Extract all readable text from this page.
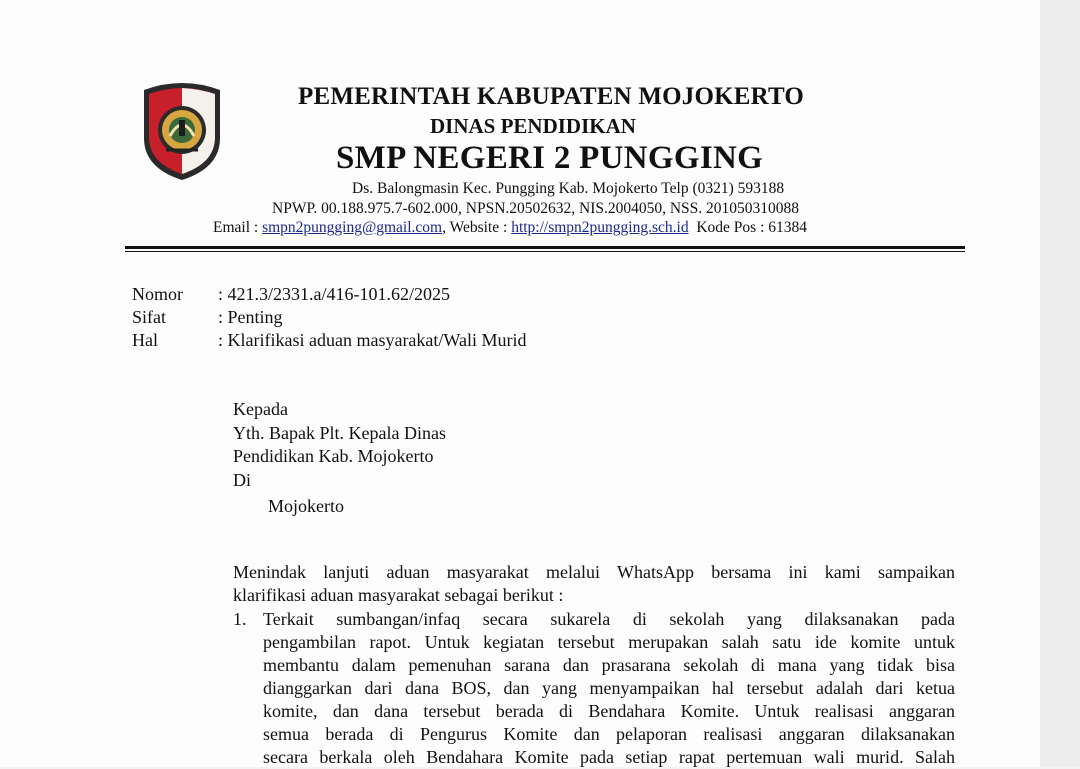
PEMERINTAH KABUPATEN MOJOKERTO
DINAS PENDIDIKAN
SMP NEGERI 2 PUNGGING
Ds. Balongmasin Kec. Pungging Kab. Mojokerto Telp (0321) 593188
NPWP. 00.188.975.7-602.000, NPSN.20502632, NIS.2004050, NSS. 201050310088
Email : smpn2pungging@gmail.com, Website : http://smpn2pungging.sch.id Kode Pos : 61384
Nomor	: 421.3/2331.a/416-101.62/2025
Sifat	: Penting
Hal	: Klarifikasi aduan masyarakat/Wali Murid
Kepada
Yth. Bapak Plt. Kepala Dinas
Pendidikan Kab. Mojokerto
Di
Mojokerto

Menindak lanjuti aduan masyarakat melalui WhatsApp bersama ini kami sampaikan

klarifikasi aduan masyarakat sebagai berikut :

1. Terkait sumbangan/infaq secara sukarela di sekolah yang dilaksanakan pada
pengambilan rapot. Untuk kegiatan tersebut merupakan salah satu ide komite untuk
membantu dalam pemenuhan sarana dan prasarana sekolah di mana yang tidak bisa
dianggarkan dari dana BOS, dan yang menyampaikan hal tersebut adalah dari ketua
komite, dan dana tersebut berada di Bendahara Komite. Untuk realisasi anggaran
semua berada di Pengurus Komite dan pelaporan realisasi anggaran dilaksanakan
secara berkala oleh Bendahara Komite pada setiap rapat pertemuan wali murid. Salah
